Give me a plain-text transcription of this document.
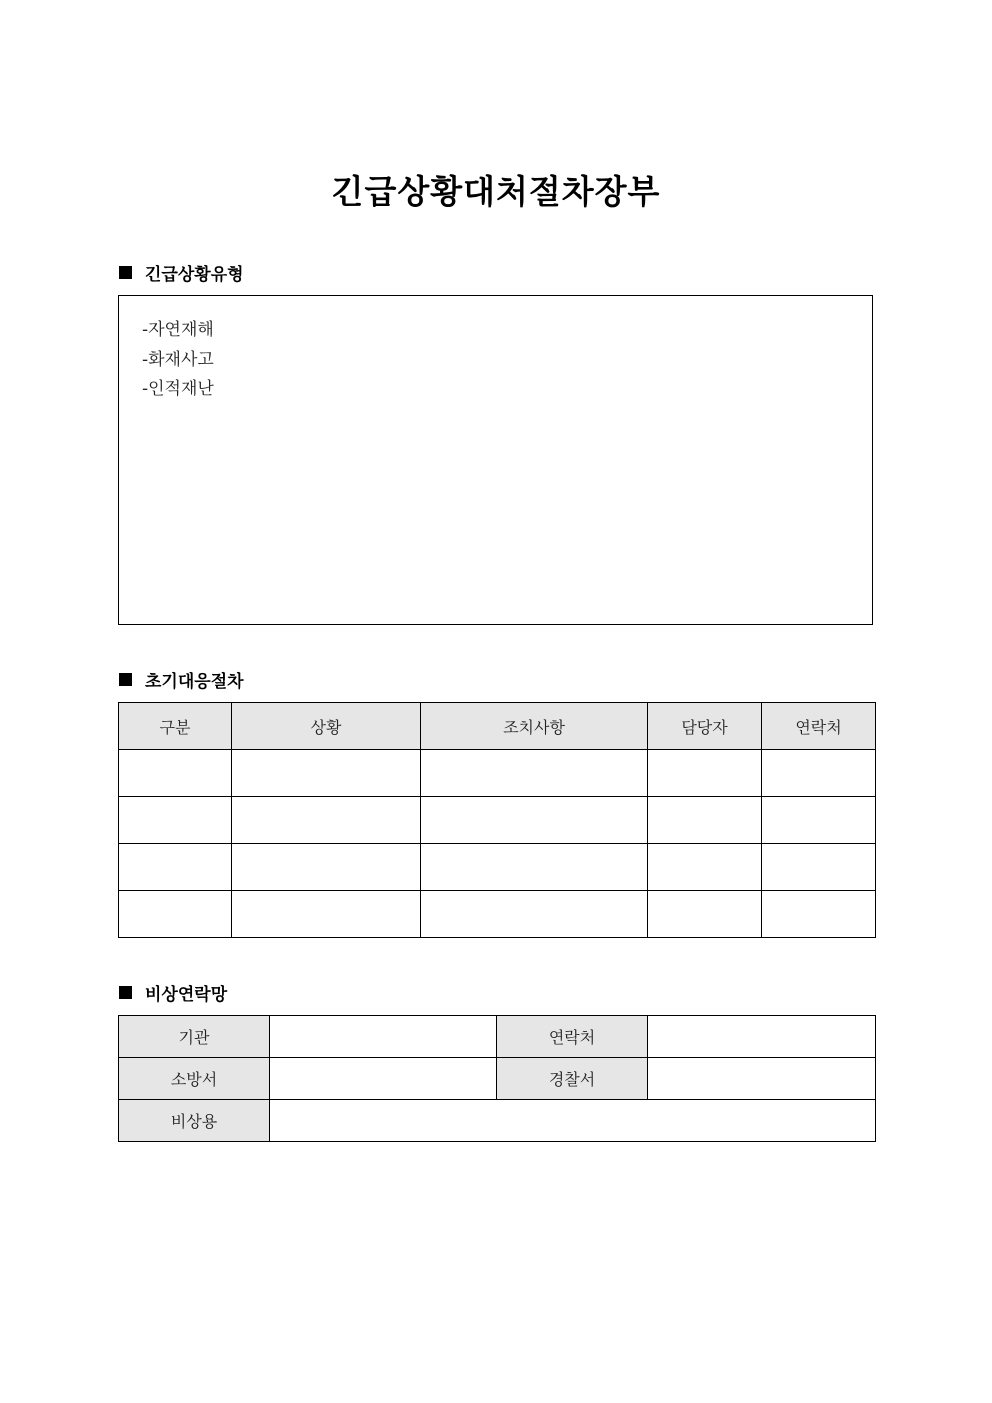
긴급상황대처절차장부
긴급상황유형
-자연재해
-화재사고
-인적재난
초기대응절차
구분	상황	조치사항	담당자	연락처

비상연락망
기관		연락처	
소방서		경찰서	
비상용			
